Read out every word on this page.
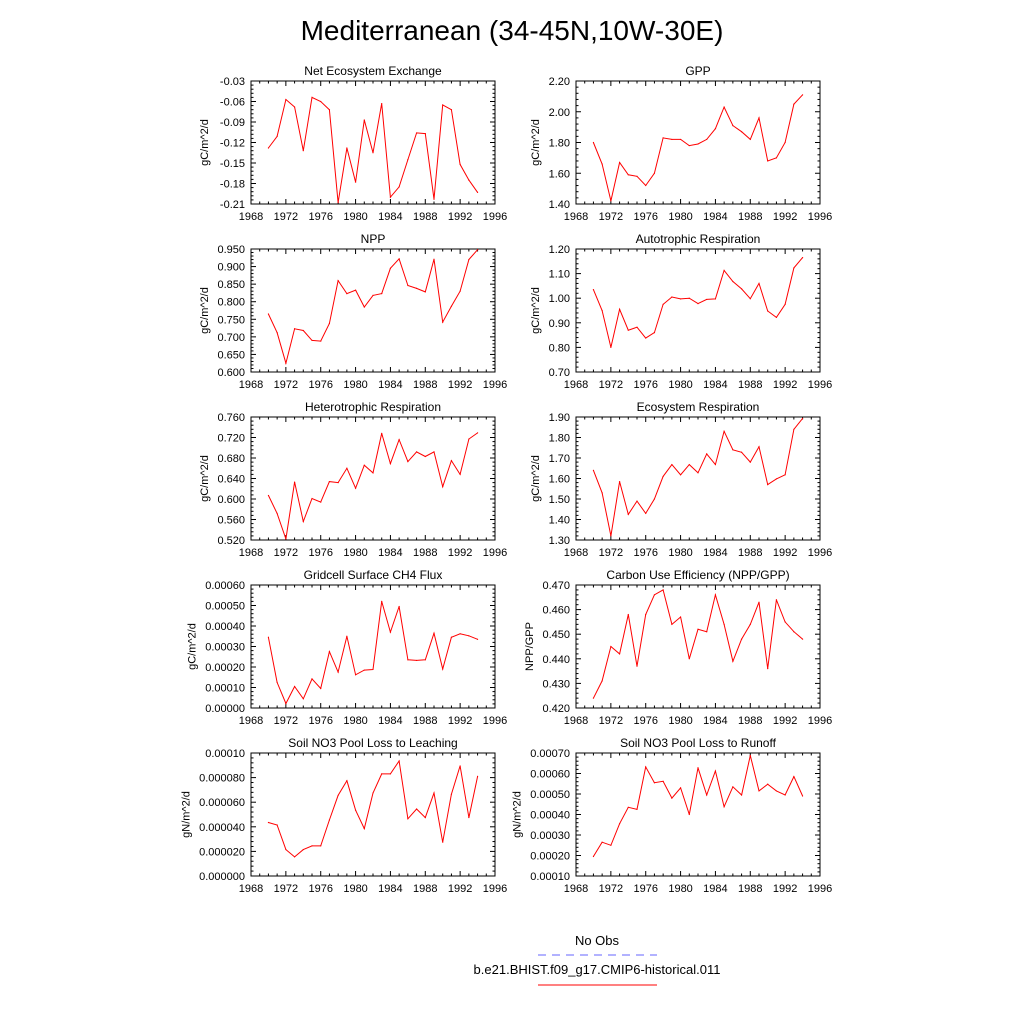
Mediterranean (34-45N,10W-30E)
Net Ecosystem Exchange
1968 1972 1976 1980 1984 1988 1992 1996
-0.21
-0.18
-0.15
-0.12
-0.09
-0.06
-0.03
gC/m^2/d
GPP
1968 1972 1976 1980 1984 1988 1992 1996
1.40
1.60
1.80
2.00
2.20
gC/m^2/d
NPP
1968 1972 1976 1980 1984 1988 1992 1996
0.600
0.650
0.700
0.750
0.800
0.850
0.900
0.950
gC/m^2/d
Autotrophic Respiration
1968 1972 1976 1980 1984 1988 1992 1996
0.70
0.80
0.90
1.00
1.10
1.20
gC/m^2/d
Heterotrophic Respiration
1968 1972 1976 1980 1984 1988 1992 1996
0.520
0.560
0.600
0.640
0.680
0.720
0.760
gC/m^2/d
Ecosystem Respiration
1968 1972 1976 1980 1984 1988 1992 1996
1.30
1.40
1.50
1.60
1.70
1.80
1.90
gC/m^2/d
Gridcell Surface CH4 Flux
1968 1972 1976 1980 1984 1988 1992 1996
0.00000
0.00010
0.00020
0.00030
0.00040
0.00050
0.00060
gC/m^2/d
Carbon Use Efficiency (NPP/GPP)
1968 1972 1976 1980 1984 1988 1992 1996
0.420
0.430
0.440
0.450
0.460
0.470
NPP/GPP
Soil NO3 Pool Loss to Leaching
1968 1972 1976 1980 1984 1988 1992 1996
0.000000
0.000020
0.000040
0.000060
0.000080
0.00010
gN/m^2/d
Soil NO3 Pool Loss to Runoff
1968 1972 1976 1980 1984 1988 1992 1996
0.00010
0.00020
0.00030
0.00040
0.00050
0.00060
0.00070
gN/m^2/d
No Obs
b.e21.BHIST.f09_g17.CMIP6-historical.011
